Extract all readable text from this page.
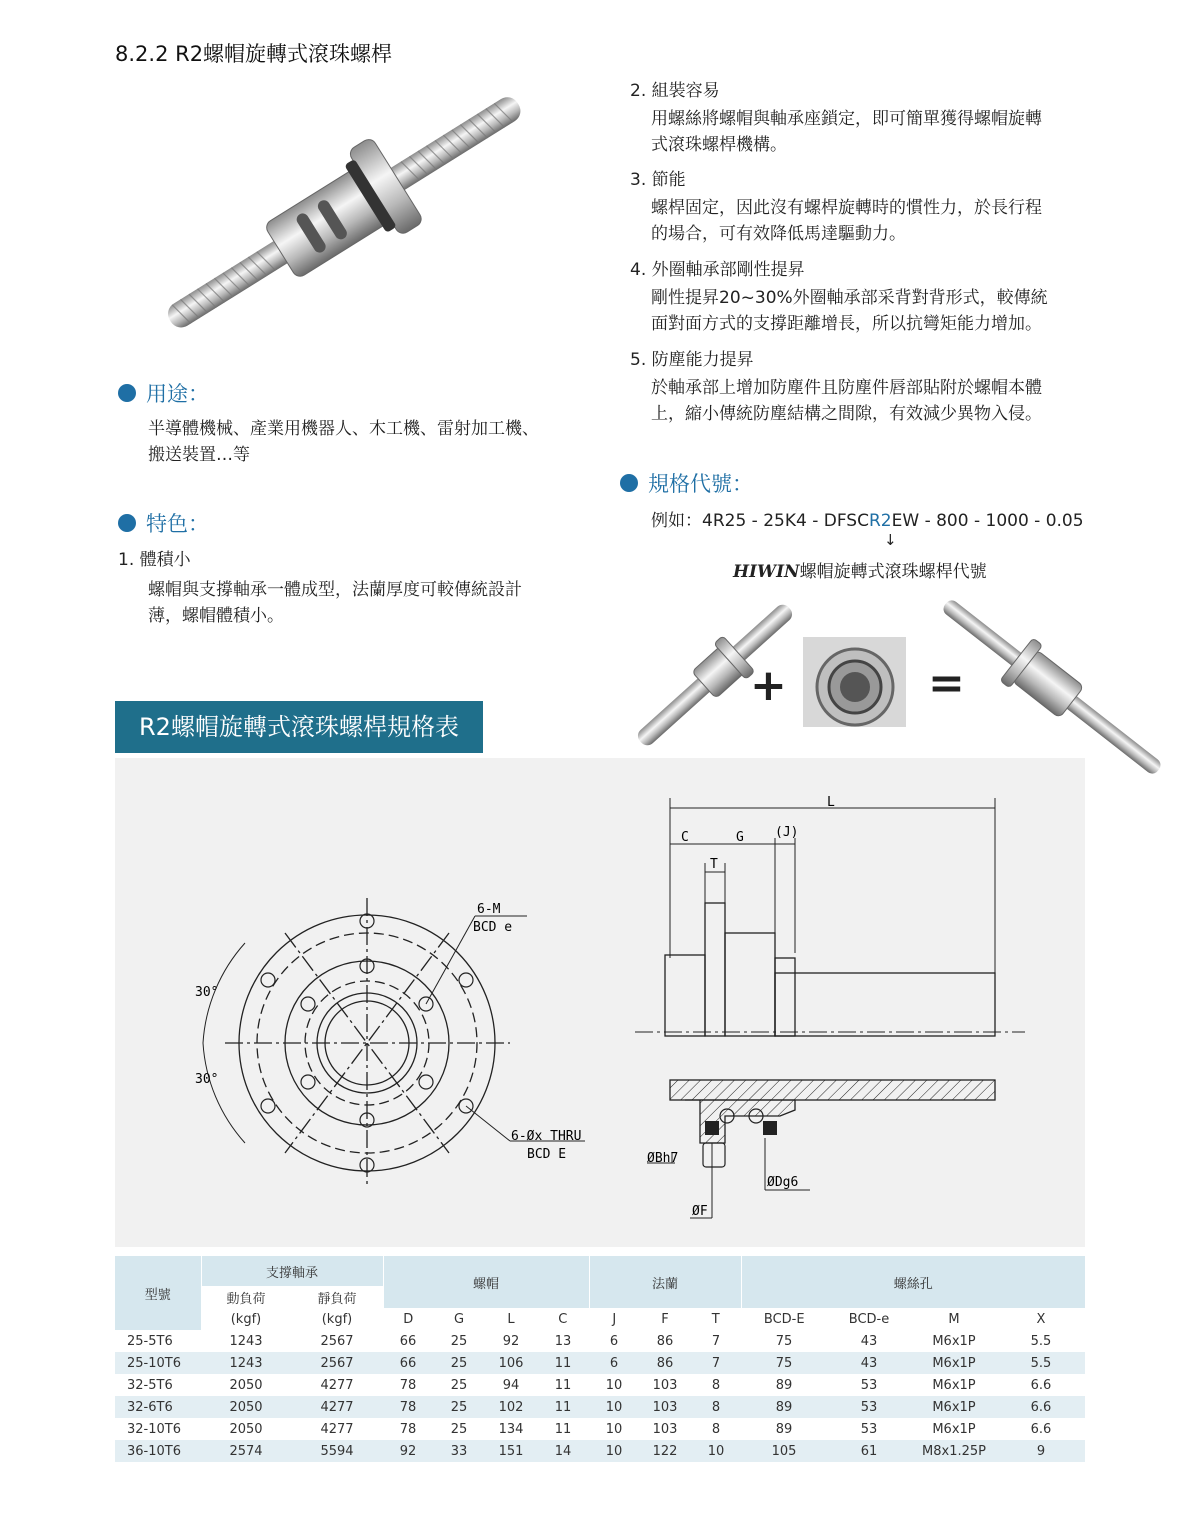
8.2.2 R2螺帽旋轉式滾珠螺桿
用途：
半導體機械、產業用機器人、木工機、雷射加工機、
搬送裝置…等
特色：
1. 體積小
螺帽與支撐軸承一體成型，法蘭厚度可較傳統設計
薄，螺帽體積小。
2. 組裝容易
用螺絲將螺帽與軸承座鎖定，即可簡單獲得螺帽旋轉
式滾珠螺桿機構。
3. 節能
螺桿固定，因此沒有螺桿旋轉時的慣性力，於長行程
的場合，可有效降低馬達驅動力。
4. 外圈軸承部剛性提昇
剛性提昇20~30%外圈軸承部采背對背形式，較傳統
面對面方式的支撐距離增長，所以抗彎矩能力增加。
5. 防塵能力提昇
於軸承部上增加防塵件且防塵件唇部貼附於螺帽本體
上，縮小傳統防塵結構之間隙，有效減少異物入侵。
規格代號：
例如：4R25 - 25K4 - DFSCR2EW - 800 - 1000 - 0.05
↓
HIWIN螺帽旋轉式滾珠螺桿代號
+	=
R2螺帽旋轉式滾珠螺桿規格表
30°
30°
6-M
BCD e
6-Øx THRU
BCD E
L
C	G (J)
T
ØBh7
ØF
ØDg6
型號	支撐軸承		螺帽				法蘭			螺絲孔			
	動負荷	靜負荷											
	(kgf)	(kgf)	D	G	L	C	J	F	T	BCD-E	BCD-e	M	X
25-5T6	1243	2567	66	25	92	13	6	86	7	75	43	M6x1P	5.5
25-10T6	1243	2567	66	25	106	11	6	86	7	75	43	M6x1P	5.5
32-5T6	2050	4277	78	25	94	11	10	103	8	89	53	M6x1P	6.6
32-6T6	2050	4277	78	25	102	11	10	103	8	89	53	M6x1P	6.6
32-10T6	2050	4277	78	25	134	11	10	103	8	89	53	M6x1P	6.6
36-10T6	2574	5594	92	33	151	14	10	122	10	105	61	M8x1.25P	9
